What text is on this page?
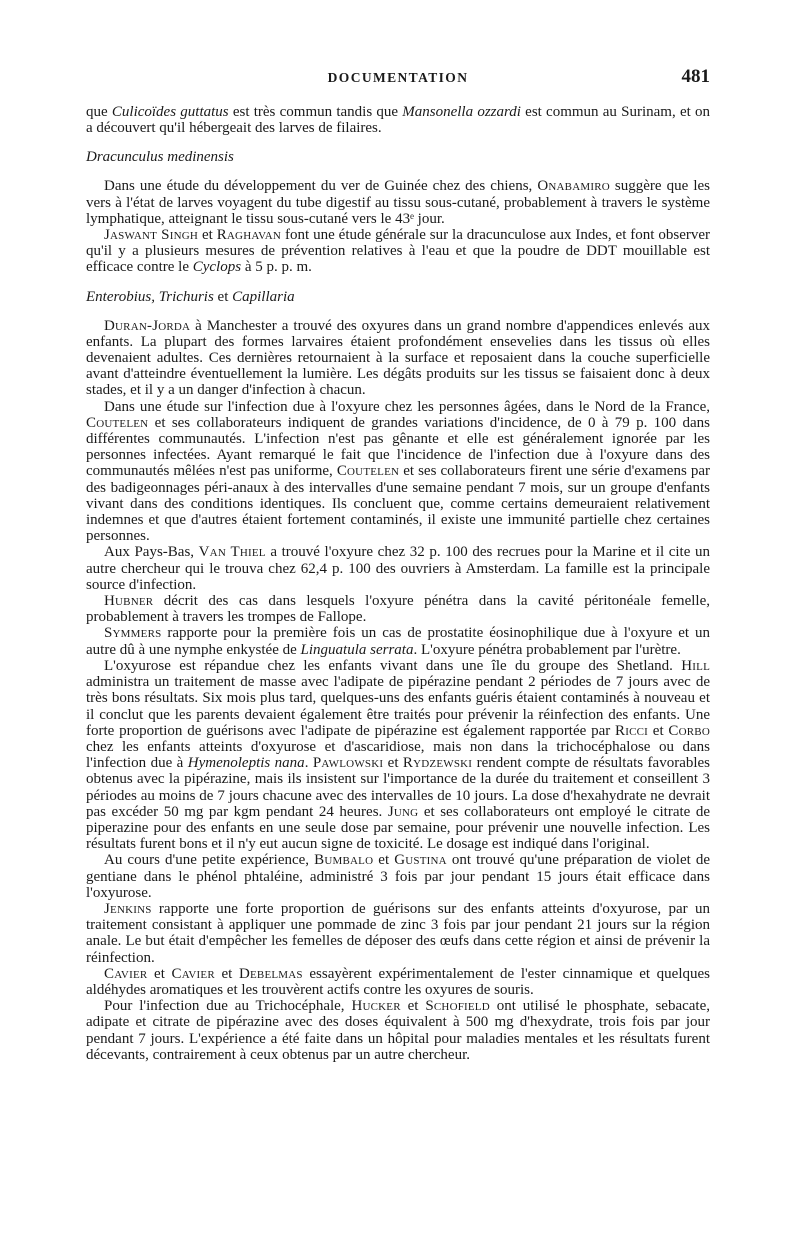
DOCUMENTATION	481

que Culicoïdes guttatus est très commun tandis que Mansonella ozzardi est commun au Surinam, et on a découvert qu'il hébergeait des larves de filaires.

Dracunculus medinensis

Dans une étude du développement du ver de Guinée chez des chiens, Onabamiro suggère que les vers à l'état de larves voyagent du tube digestif au tissu sous-cutané, probablement à travers le système lymphatique, atteignant le tissu sous-cutané vers le 43ᵉ jour.

Jaswant Singh et Raghavan font une étude générale sur la dracunculose aux Indes, et font observer qu'il y a plusieurs mesures de prévention relatives à l'eau et que la poudre de DDT mouillable est efficace contre le Cyclops à 5 p. p. m.

Enterobius, Trichuris et Capillaria

Duran-Jorda à Manchester a trouvé des oxyures dans un grand nombre d'appendices enlevés aux enfants. La plupart des formes larvaires étaient profondément ensevelies dans les tissus où elles devenaient adultes. Ces dernières retournaient à la surface et reposaient dans la couche superficielle avant d'atteindre éventuellement la lumière. Les dégâts produits sur les tissus se faisaient donc à deux stades, et il y a un danger d'infection à chacun.

Dans une étude sur l'infection due à l'oxyure chez les personnes âgées, dans le Nord de la France, Coutelen et ses collaborateurs indiquent de grandes variations d'incidence, de 0 à 79 p. 100 dans différentes communautés. L'infection n'est pas gênante et elle est généralement ignorée par les personnes infectées. Ayant remarqué le fait que l'incidence de l'infection due à l'oxyure dans des communautés mêlées n'est pas uniforme, Coutelen et ses collaborateurs firent une série d'examens par des badigeonnages péri-anaux à des intervalles d'une semaine pendant 7 mois, sur un groupe d'enfants vivant dans des conditions identiques. Ils concluent que, comme certains demeuraient relativement indemnes et que d'autres étaient fortement contaminés, il existe une immunité partielle chez certaines personnes.

Aux Pays-Bas, Van Thiel a trouvé l'oxyure chez 32 p. 100 des recrues pour la Marine et il cite un autre chercheur qui le trouva chez 62,4 p. 100 des ouvriers à Amsterdam. La famille est la principale source d'infection.

Hubner décrit des cas dans lesquels l'oxyure pénétra dans la cavité péritonéale femelle, probablement à travers les trompes de Fallope.

Symmers rapporte pour la première fois un cas de prostatite éosinophilique due à l'oxyure et un autre dû à une nymphe enkystée de Linguatula serrata. L'oxyure pénétra probablement par l'urètre.

L'oxyurose est répandue chez les enfants vivant dans une île du groupe des Shetland. Hill administra un traitement de masse avec l'adipate de pipérazine pendant 2 périodes de 7 jours avec de très bons résultats. Six mois plus tard, quelques-uns des enfants guéris étaient contaminés à nouveau et il conclut que les parents devaient également être traités pour prévenir la réinfection des enfants. Une forte proportion de guérisons avec l'adipate de pipérazine est également rapportée par Ricci et Corbo chez les enfants atteints d'oxyurose et d'ascaridiose, mais non dans la trichocéphalose ou dans l'infection due à Hymenoleptis nana. Pawlowski et Rydzewski rendent compte de résultats favorables obtenus avec la pipérazine, mais ils insistent sur l'importance de la durée du traitement et conseillent 3 périodes au moins de 7 jours chacune avec des intervalles de 10 jours. La dose d'hexahydrate ne devrait pas excéder 50 mg par kgm pendant 24 heures. Jung et ses collaborateurs ont employé le citrate de piperazine pour des enfants en une seule dose par semaine, pour prévenir une nouvelle infection. Les résultats furent bons et il n'y eut aucun signe de toxicité. Le dosage est indiqué dans l'original.

Au cours d'une petite expérience, Bumbalo et Gustina ont trouvé qu'une préparation de violet de gentiane dans le phénol phtaléine, administré 3 fois par jour pendant 15 jours était efficace dans l'oxyurose.

Jenkins rapporte une forte proportion de guérisons sur des enfants atteints d'oxyurose, par un traitement consistant à appliquer une pommade de zinc 3 fois par jour pendant 21 jours sur la région anale. Le but était d'empêcher les femelles de déposer des œufs dans cette région et ainsi de prévenir la réinfection.

Cavier et Cavier et Debelmas essayèrent expérimentalement de l'ester cinnamique et quelques aldéhydes aromatiques et les trouvèrent actifs contre les oxyures de souris.

Pour l'infection due au Trichocéphale, Hucker et Schofield ont utilisé le phosphate, sebacate, adipate et citrate de pipérazine avec des doses équivalent à 500 mg d'hexydrate, trois fois par jour pendant 7 jours. L'expérience a été faite dans un hôpital pour maladies mentales et les résultats furent décevants, contrairement à ceux obtenus par un autre chercheur.
